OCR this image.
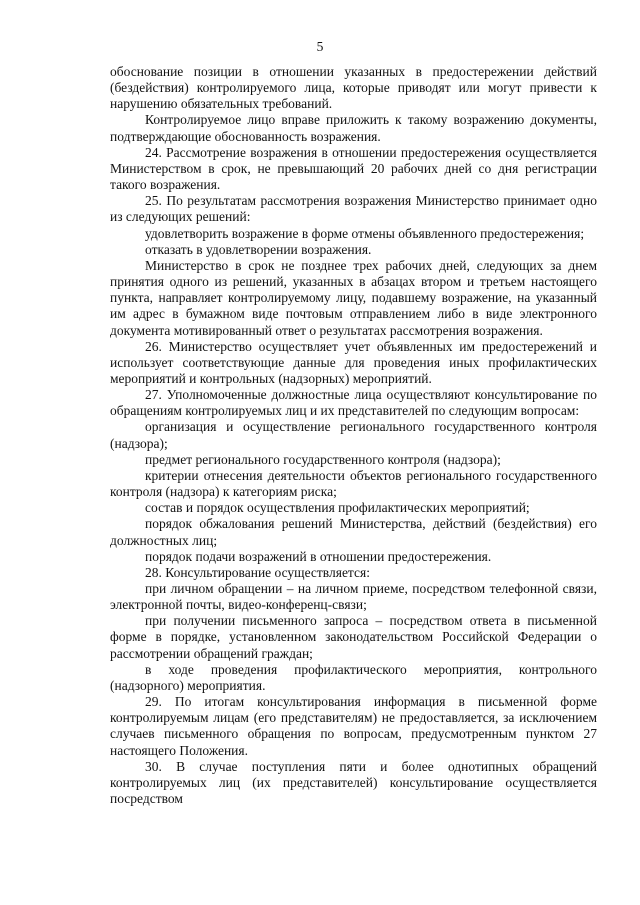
5

обоснование позиции в отношении указанных в предостережении действий (бездействия) контролируемого лица, которые приводят или могут привести к нарушению обязательных требований.

Контролируемое лицо вправе приложить к такому возражению документы, подтверждающие обоснованность возражения.

24. Рассмотрение возражения в отношении предостережения осуществляется Министерством в срок, не превышающий 20 рабочих дней со дня регистрации такого возражения.

25. По результатам рассмотрения возражения Министерство принимает одно из следующих решений:

удовлетворить возражение в форме отмены объявленного предостережения;

отказать в удовлетворении возражения.

Министерство в срок не позднее трех рабочих дней, следующих за днем принятия одного из решений, указанных в абзацах втором и третьем настоящего пункта, направляет контролируемому лицу, подавшему возражение, на указанный им адрес в бумажном виде почтовым отправлением либо в виде электронного документа мотивированный ответ о результатах рассмотрения возражения.

26. Министерство осуществляет учет объявленных им предостережений и использует соответствующие данные для проведения иных профилактических мероприятий и контрольных (надзорных) мероприятий.

27. Уполномоченные должностные лица осуществляют консультирование по обращениям контролируемых лиц и их представителей по следующим вопросам:

организация и осуществление регионального государственного контроля (надзора);

предмет регионального государственного контроля (надзора);

критерии отнесения деятельности объектов регионального государственного контроля (надзора) к категориям риска;

состав и порядок осуществления профилактических мероприятий;

порядок обжалования решений Министерства, действий (бездействия) его должностных лиц;

порядок подачи возражений в отношении предостережения.

28. Консультирование осуществляется:

при личном обращении – на личном приеме, посредством телефонной связи, электронной почты, видео-конференц-связи;

при получении письменного запроса – посредством ответа в письменной форме в порядке, установленном законодательством Российской Федерации о рассмотрении обращений граждан;

в ходе проведения профилактического мероприятия, контрольного (надзорного) мероприятия.

29. По итогам консультирования информация в письменной форме контролируемым лицам (его представителям) не предоставляется, за исключением случаев письменного обращения по вопросам, предусмотренным пунктом 27 настоящего Положения.

30. В случае поступления пяти и более однотипных обращений контролируемых лиц (их представителей) консультирование осуществляется посредством
